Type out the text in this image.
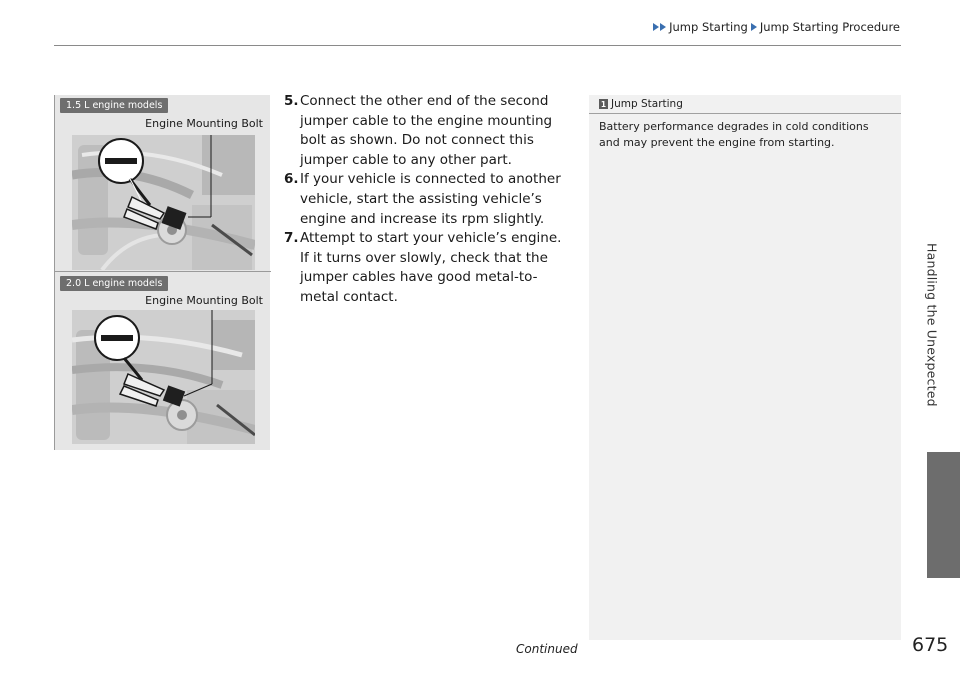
Jump Starting Jump Starting Procedure
Handling the Unexpected
1.5 L engine models
Engine Mounting Bolt
2.0 L engine models
Engine Mounting Bolt
5. Connect the other end of the second jumper cable to the engine mounting bolt as shown. Do not connect this jumper cable to any other part.
6. If your vehicle is connected to another vehicle, start the assisting vehicle’s engine and increase its rpm slightly.
7. Attempt to start your vehicle’s engine. If it turns over slowly, check that the jumper cables have good metal-to-metal contact.
1 Jump Starting
Battery performance degrades in cold conditions and may prevent the engine from starting.
Continued	675
